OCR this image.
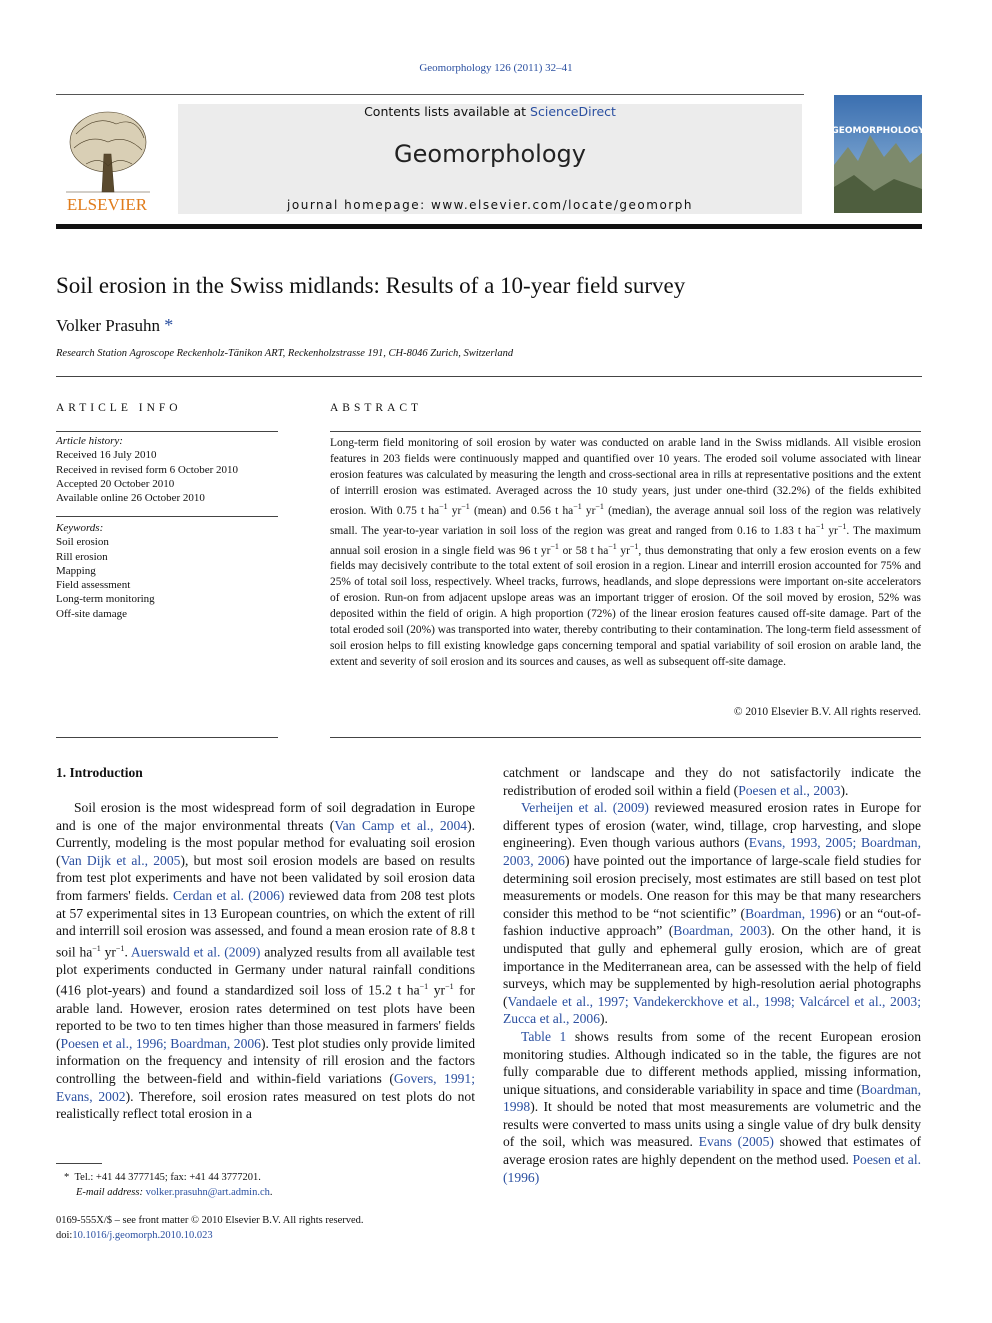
Geomorphology 126 (2011) 32–41
ELSEVIER
Contents lists available at ScienceDirect
Geomorphology
journal homepage: www.elsevier.com/locate/geomorph
GEOMORPHOLOGY
Soil erosion in the Swiss midlands: Results of a 10-year field survey
Volker Prasuhn *
Research Station Agroscope Reckenholz-Tänikon ART, Reckenholzstrasse 191, CH-8046 Zurich, Switzerland
ARTICLE INFO
Article history:
Received 16 July 2010
Received in revised form 6 October 2010
Accepted 20 October 2010
Available online 26 October 2010
Keywords:
Soil erosion
Rill erosion
Mapping
Field assessment
Long-term monitoring
Off-site damage
ABSTRACT
Long-term field monitoring of soil erosion by water was conducted on arable land in the Swiss midlands. All visible erosion features in 203 fields were continuously mapped and quantified over 10 years. The eroded soil volume associated with linear erosion features was calculated by measuring the length and cross-sectional area in rills at representative positions and the extent of interrill erosion was estimated. Averaged across the 10 study years, just under one-third (32.2%) of the fields exhibited erosion. With 0.75 t $ha^{-1}$ $yr^{-1}$ (mean) and 0.56 t $ha^{-1}$ $yr^{-1}$ (median), the average annual soil loss of the region was relatively small. The year-to-year variation in soil loss of the region was great and ranged from 0.16 to 1.83 t $ha^{-1}$ $yr^{-1}$. The maximum annual soil erosion in a single field was 96 t $yr^{-1}$ or 58 t $ha^{-1}$ $yr^{-1}$, thus demonstrating that only a few erosion events on a few fields may decisively contribute to the total extent of soil erosion in a region. Linear and interrill erosion accounted for 75% and 25% of total soil loss, respectively. Wheel tracks, furrows, headlands, and slope depressions were important on-site accelerators of erosion. Run-on from adjacent upslope areas was an important trigger of erosion. Of the soil moved by erosion, 52% was deposited within the field of origin. A high proportion (72%) of the linear erosion features caused off-site damage. Part of the total eroded soil (20%) was transported into water, thereby contributing to their contamination. The long-term field assessment of soil erosion helps to fill existing knowledge gaps concerning temporal and spatial variability of soil erosion on arable land, the extent and severity of soil erosion and its sources and causes, as well as subsequent off-site damage.
© 2010 Elsevier B.V. All rights reserved.
1. Introduction

Soil erosion is the most widespread form of soil degradation in Europe and is one of the major environmental threats (Van Camp et al., 2004). Currently, modeling is the most popular method for evaluating soil erosion (Van Dijk et al., 2005), but most soil erosion models are based on results from test plot experiments and have not been validated by soil erosion data from farmers' fields. Cerdan et al. (2006) reviewed data from 208 test plots at 57 experimental sites in 13 European countries, on which the extent of rill and interrill soil erosion was assessed, and found a mean erosion rate of 8.8 t soil $ha^{-1}$ $yr^{-1}$. Auerswald et al. (2009) analyzed results from all available test plot experiments conducted in Germany under natural rainfall conditions (416 plot-years) and found a standardized soil loss of 15.2 t $ha^{-1}$ $yr^{-1}$ for arable land. However, erosion rates determined on test plots have been reported to be two to ten times higher than those measured in farmers' fields (Poesen et al., 1996; Boardman, 2006). Test plot studies only provide limited information on the frequency and intensity of rill erosion and the factors controlling the between-field and within-field variations (Govers, 1991; Evans, 2002). Therefore, soil erosion rates measured on test plots do not realistically reflect total erosion in a

catchment or landscape and they do not satisfactorily indicate the redistribution of eroded soil within a field (Poesen et al., 2003).

Verheijen et al. (2009) reviewed measured erosion rates in Europe for different types of erosion (water, wind, tillage, crop harvesting, and slope engineering). Even though various authors (Evans, 1993, 2005; Boardman, 2003, 2006) have pointed out the importance of large-scale field studies for determining soil erosion precisely, most estimates are still based on test plot measurements or models. One reason for this may be that many researchers consider this method to be “not scientific” (Boardman, 1996) or an “out-of-fashion inductive approach” (Boardman, 2003). On the other hand, it is undisputed that gully and ephemeral gully erosion, which are of great importance in the Mediterranean area, can be assessed with the help of field surveys, which may be supplemented by high-resolution aerial photographs (Vandaele et al., 1997; Vandekerckhove et al., 1998; Valcárcel et al., 2003; Zucca et al., 2006).

Table 1 shows results from some of the recent European erosion monitoring studies. Although indicated so in the table, the figures are not fully comparable due to different methods applied, missing information, unique situations, and considerable variability in space and time (Boardman, 1998). It should be noted that most measurements are volumetric and the results were converted to mass units using a single value of dry bulk density of the soil, which was measured. Evans (2005) showed that estimates of average erosion rates are highly dependent on the method used. Poesen et al. (1996)

*  Tel.: +41 44 3777145; fax: +41 44 3777201.
E-mail address: volker.prasuhn@art.admin.ch.
0169-555X/$ – see front matter © 2010 Elsevier B.V. All rights reserved.
doi:10.1016/j.geomorph.2010.10.023
